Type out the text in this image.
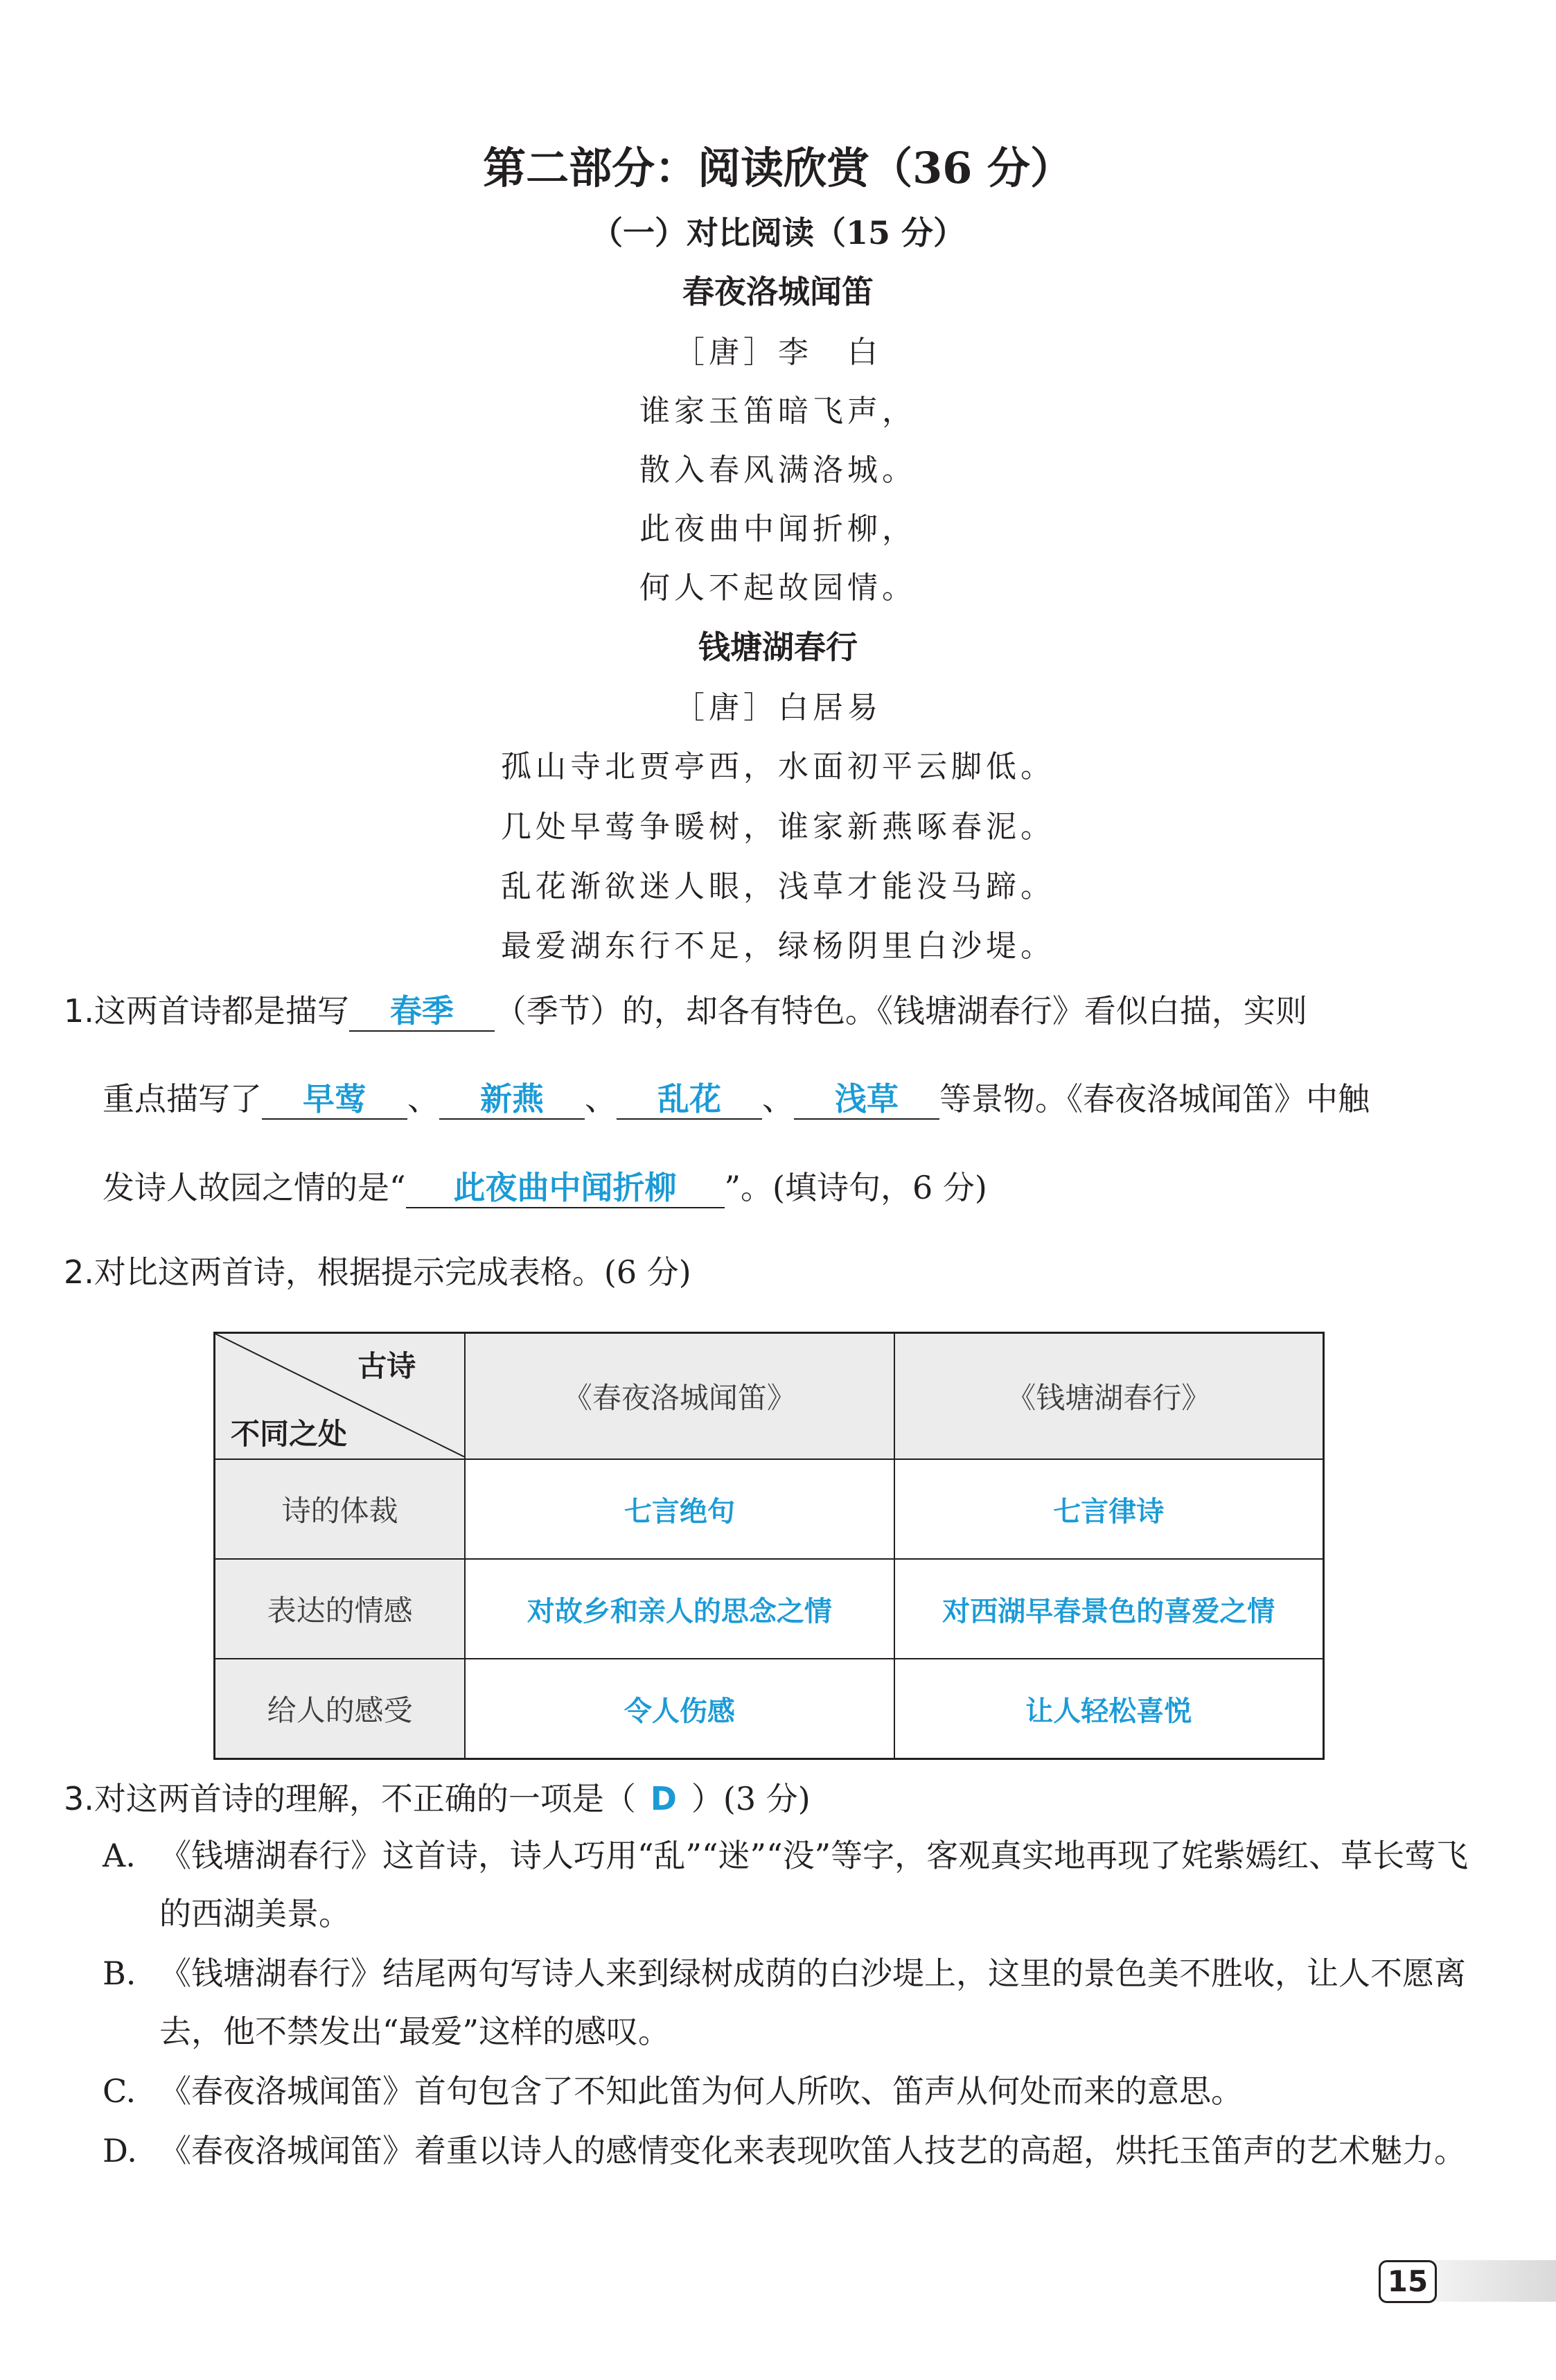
第二部分：阅读欣赏（36 分）
（一）对比阅读（15 分）
春夜洛城闻笛
［唐］李　白
谁家玉笛暗飞声，
散入春风满洛城。
此夜曲中闻折柳，
何人不起故园情。
钱塘湖春行
［唐］白居易
孤山寺北贾亭西，水面初平云脚低。
几处早莺争暖树，谁家新燕啄春泥。
乱花渐欲迷人眼，浅草才能没马蹄。
最爱湖东行不足，绿杨阴里白沙堤。
1.这两首诗都是描写 春季 （季节）的，却各有特色。《钱塘湖春行》看似白描，实则
重点描写了 早莺 、 新燕 、 乱花 、 浅草 等景物。《春夜洛城闻笛》中触
发诗人故园之情的是“ 此夜曲中闻折柳 ”。(填诗句，6 分)
2.对比这两首诗，根据提示完成表格。(6 分)
古诗
不同之处	《春夜洛城闻笛》	《钱塘湖春行》
诗的体裁	七言绝句	七言律诗
表达的情感	对故乡和亲人的思念之情	对西湖早春景色的喜爱之情
给人的感受	令人伤感	让人轻松喜悦
3.对这两首诗的理解，不正确的一项是（ D ）(3 分)
A. 《钱塘湖春行》这首诗，诗人巧用“乱”“迷”“没”等字，客观真实地再现了姹紫嫣红、草长莺飞的西湖美景。
B. 《钱塘湖春行》结尾两句写诗人来到绿树成荫的白沙堤上，这里的景色美不胜收，让人不愿离去，他不禁发出“最爱”这样的感叹。
C. 《春夜洛城闻笛》首句包含了不知此笛为何人所吹、笛声从何处而来的意思。
D. 《春夜洛城闻笛》着重以诗人的感情变化来表现吹笛人技艺的高超，烘托玉笛声的艺术魅力。
15
